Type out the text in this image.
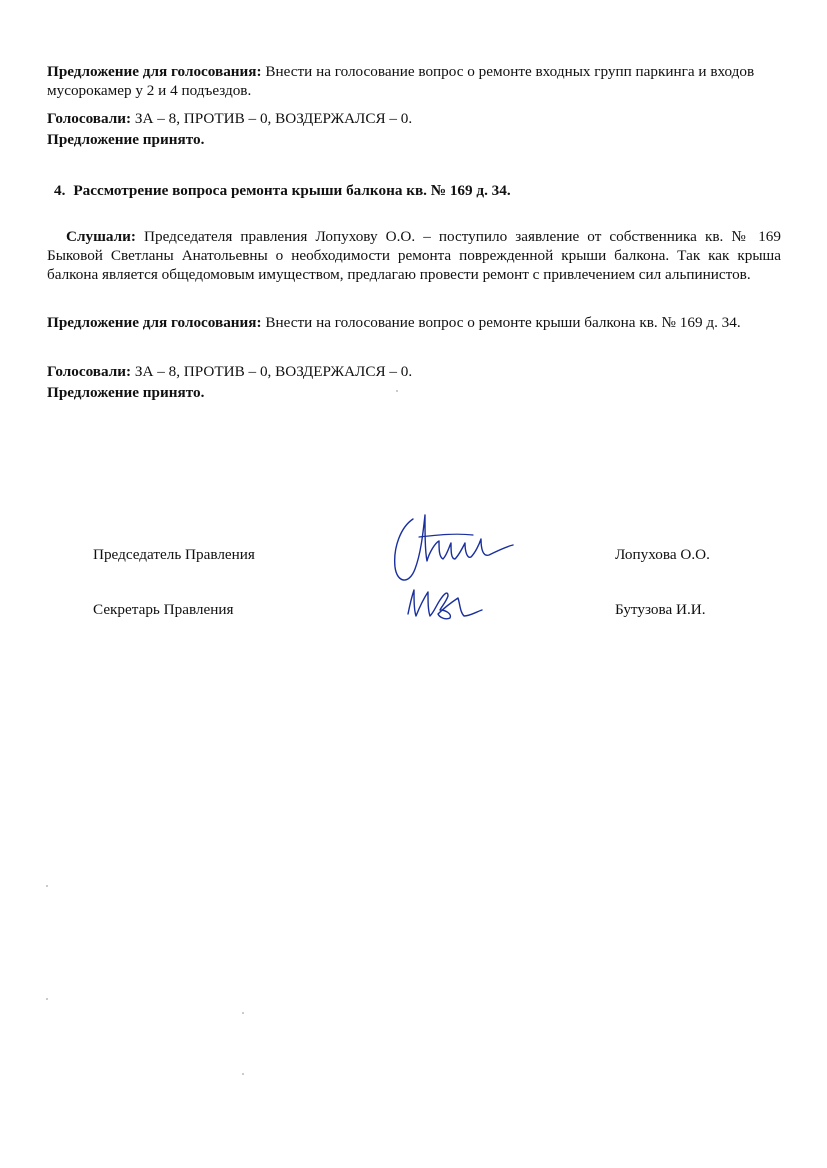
Предложение для голосования: Внести на голосование вопрос о ремонте входных групп паркинга и входов мусорокамер у 2 и 4 подъездов.

Голосовали: ЗА – 8, ПРОТИВ – 0, ВОЗДЕРЖАЛСЯ – 0.

Предложение принято.

4. Рассмотрение вопроса ремонта крыши балкона кв. № 169 д. 34.

Слушали: Председателя правления Лопухову О.О. – поступило заявление от собственника кв. № 169 Быковой Светланы Анатольевны о необходимости ремонта поврежденной крыши балкона. Так как крыша балкона является общедомовым имуществом, предлагаю провести ремонт с привлечением сил альпинистов.

Предложение для голосования: Внести на голосование вопрос о ремонте крыши балкона кв. № 169 д. 34.

Голосовали: ЗА – 8, ПРОТИВ – 0, ВОЗДЕРЖАЛСЯ – 0.

Предложение принято.

Председатель Правления	Лопухова О.О.
Секретарь Правления	Бутузова И.И.
